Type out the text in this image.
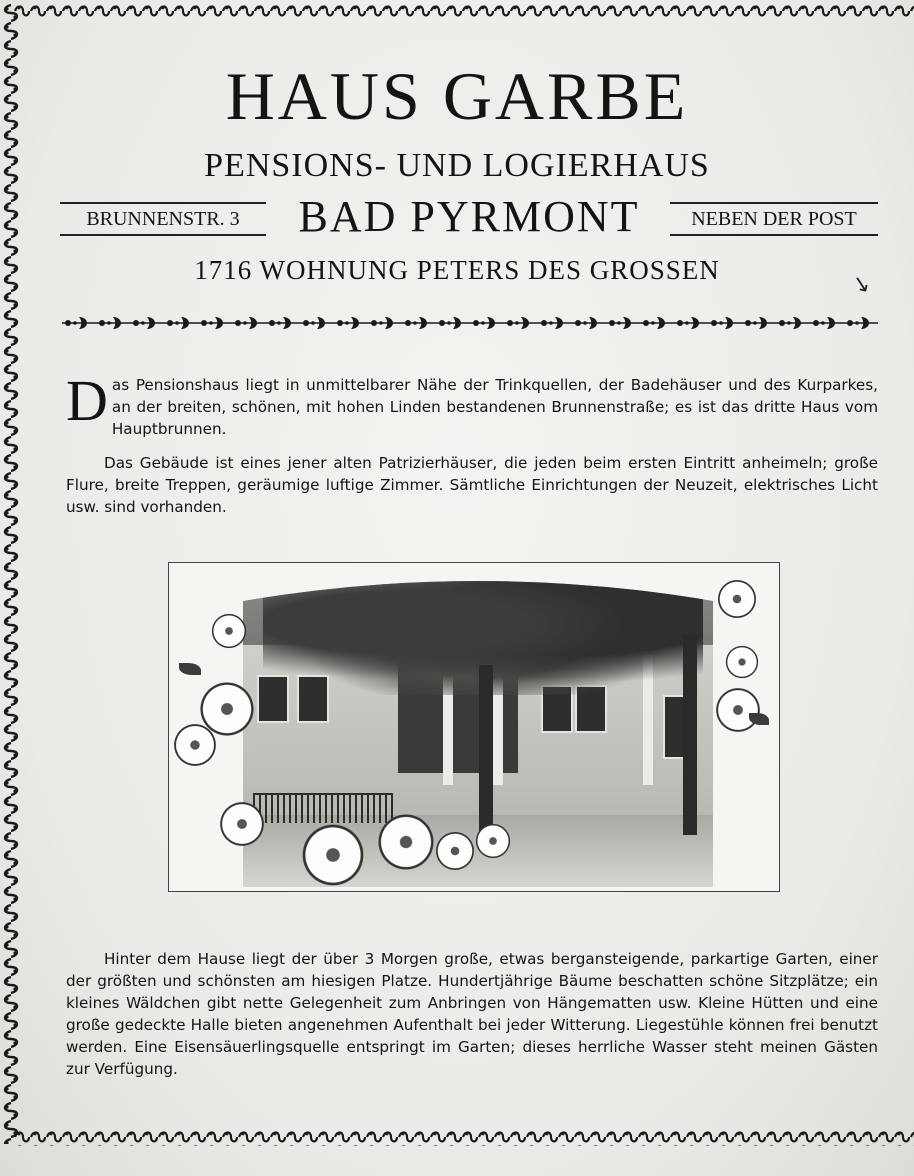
HAUS GARBE
PENSIONS- UND LOGIERHAUS
BRUNNENSTR. 3	BAD PYRMONT	NEBEN DER POST
1716 WOHNUNG PETERS DES GROSSEN	↘

Das Pensionshaus liegt in unmittelbarer Nähe der Trinkquellen, der Badehäuser und des Kurparkes, an der breiten, schönen, mit hohen Linden bestandenen Brunnenstraße; es ist das dritte Haus vom Hauptbrunnen.

Das Gebäude ist eines jener alten Patrizierhäuser, die jeden beim ersten Eintritt anheimeln; große Flure, breite Treppen, geräumige luftige Zimmer. Sämtliche Einrichtungen der Neuzeit, elektrisches Licht usw. sind vorhanden.

Hinter dem Hause liegt der über 3 Morgen große, etwas bergansteigende, parkartige Garten, einer der größten und schönsten am hiesigen Platze. Hundertjährige Bäume beschatten schöne Sitzplätze; ein kleines Wäldchen gibt nette Gelegenheit zum Anbringen von Hängematten usw. Kleine Hütten und eine große gedeckte Halle bieten angenehmen Aufenthalt bei jeder Witterung. Liegestühle können frei benutzt werden. Eine Eisensäuerlingsquelle entspringt im Garten; dieses herrliche Wasser steht meinen Gästen zur Verfügung.
